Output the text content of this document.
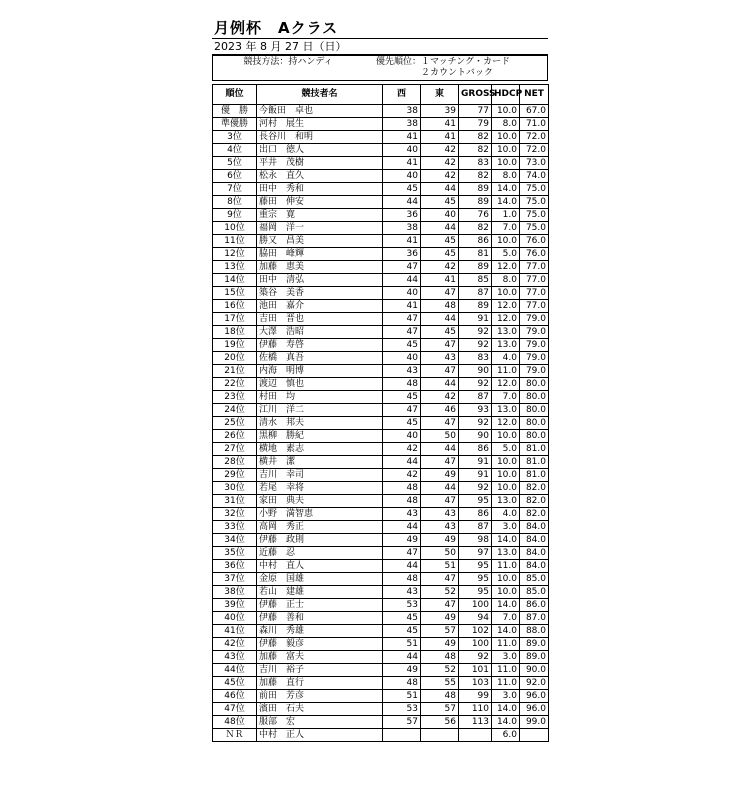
月例杯　Aクラス
2023 年 8 月 27 日（日）
競技方法：持ハンディ	優先順位：１マッチング・カード
２カウントバック
順位	競技者名	西	東	GROSS	HDCP	NET
優　勝	今飯田　卓也	38	39	77	10.0	67.0
準優勝	河村　展生	38	41	79	8.0	71.0
3位	長谷川　和明	41	41	82	10.0	72.0
4位	出口　徳人	40	42	82	10.0	72.0
5位	平井　茂樹	41	42	83	10.0	73.0
6位	松永　直久	40	42	82	8.0	74.0
7位	田中　秀和	45	44	89	14.0	75.0
8位	藤田　伸安	44	45	89	14.0	75.0
9位	重宗　寛	36	40	76	1.0	75.0
10位	福岡　洋一	38	44	82	7.0	75.0
11位	勝又　昌美	41	45	86	10.0	76.0
12位	脇田　峰輝	36	45	81	5.0	76.0
13位	加藤　恵美	47	42	89	12.0	77.0
14位	田中　清弘	44	41	85	8.0	77.0
15位	築谷　美香	40	47	87	10.0	77.0
16位	池田　嘉介	41	48	89	12.0	77.0
17位	吉田　晋也	47	44	91	12.0	79.0
18位	大澤　浩昭	47	45	92	13.0	79.0
19位	伊藤　寿啓	45	47	92	13.0	79.0
20位	佐橋　真吾	40	43	83	4.0	79.0
21位	内海　明博	43	47	90	11.0	79.0
22位	渡辺　慎也	48	44	92	12.0	80.0
23位	村田　均	45	42	87	7.0	80.0
24位	江川　洋二	47	46	93	13.0	80.0
25位	清水　邦夫	45	47	92	12.0	80.0
26位	黒柳　勝紀	40	50	90	10.0	80.0
27位	横地　素志	42	44	86	5.0	81.0
28位	横井　潔	44	47	91	10.0	81.0
29位	吉川　幸司	42	49	91	10.0	81.0
30位	若尾　幸将	48	44	92	10.0	82.0
31位	家田　典夫	48	47	95	13.0	82.0
32位	小野　満智恵	43	43	86	4.0	82.0
33位	高岡　秀正	44	43	87	3.0	84.0
34位	伊藤　政則	49	49	98	14.0	84.0
35位	近藤　忍	47	50	97	13.0	84.0
36位	中村　直人	44	51	95	11.0	84.0
37位	金原　国雄	48	47	95	10.0	85.0
38位	若山　建雄	43	52	95	10.0	85.0
39位	伊藤　正士	53	47	100	14.0	86.0
40位	伊藤　善和	45	49	94	7.0	87.0
41位	森川　秀雄	45	57	102	14.0	88.0
42位	伊藤　毅彦	51	49	100	11.0	89.0
43位	加藤　富夫	44	48	92	3.0	89.0
44位	吉川　裕子	49	52	101	11.0	90.0
45位	加藤　直行	48	55	103	11.0	92.0
46位	前田　芳彦	51	48	99	3.0	96.0
47位	濱田　石夫	53	57	110	14.0	96.0
48位	服部　宏	57	56	113	14.0	99.0
ＮＲ	中村　正人				6.0	
